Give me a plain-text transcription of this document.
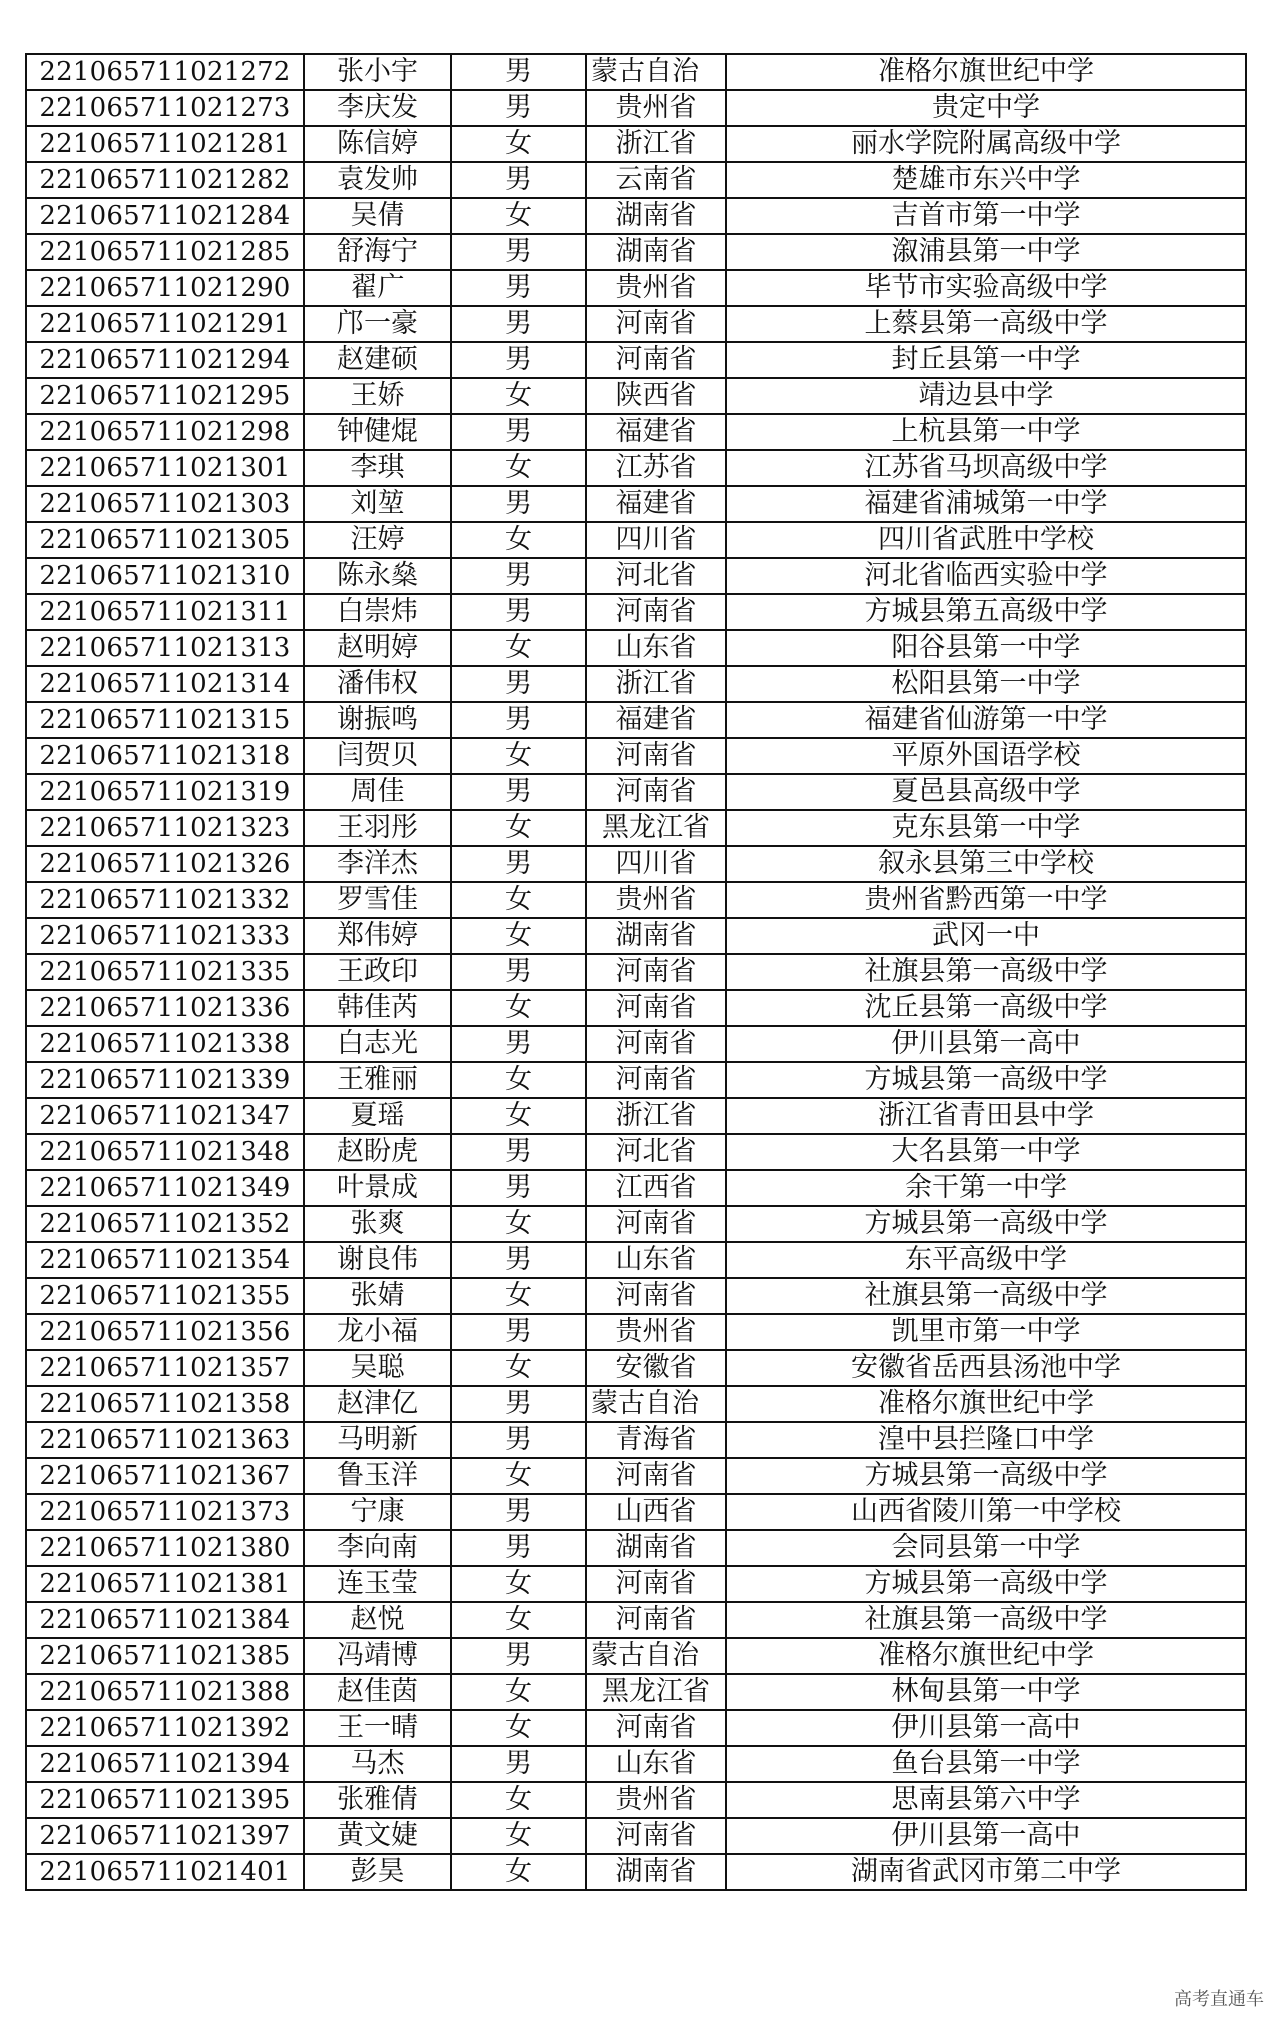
221065711021272	张小宇	男	蒙古自治	准格尔旗世纪中学
221065711021273	李庆发	男	贵州省	贵定中学
221065711021281	陈信婷	女	浙江省	丽水学院附属高级中学
221065711021282	袁发帅	男	云南省	楚雄市东兴中学
221065711021284	吴倩	女	湖南省	吉首市第一中学
221065711021285	舒海宁	男	湖南省	溆浦县第一中学
221065711021290	翟广	男	贵州省	毕节市实验高级中学
221065711021291	邝一豪	男	河南省	上蔡县第一高级中学
221065711021294	赵建硕	男	河南省	封丘县第一中学
221065711021295	王娇	女	陕西省	靖边县中学
221065711021298	钟健焜	男	福建省	上杭县第一中学
221065711021301	李琪	女	江苏省	江苏省马坝高级中学
221065711021303	刘堃	男	福建省	福建省浦城第一中学
221065711021305	汪婷	女	四川省	四川省武胜中学校
221065711021310	陈永燊	男	河北省	河北省临西实验中学
221065711021311	白崇炜	男	河南省	方城县第五高级中学
221065711021313	赵明婷	女	山东省	阳谷县第一中学
221065711021314	潘伟权	男	浙江省	松阳县第一中学
221065711021315	谢振鸣	男	福建省	福建省仙游第一中学
221065711021318	闫贺贝	女	河南省	平原外国语学校
221065711021319	周佳	男	河南省	夏邑县高级中学
221065711021323	王羽彤	女	黑龙江省	克东县第一中学
221065711021326	李洋杰	男	四川省	叙永县第三中学校
221065711021332	罗雪佳	女	贵州省	贵州省黔西第一中学
221065711021333	郑伟婷	女	湖南省	武冈一中
221065711021335	王政印	男	河南省	社旗县第一高级中学
221065711021336	韩佳芮	女	河南省	沈丘县第一高级中学
221065711021338	白志光	男	河南省	伊川县第一高中
221065711021339	王雅丽	女	河南省	方城县第一高级中学
221065711021347	夏瑶	女	浙江省	浙江省青田县中学
221065711021348	赵盼虎	男	河北省	大名县第一中学
221065711021349	叶景成	男	江西省	余干第一中学
221065711021352	张爽	女	河南省	方城县第一高级中学
221065711021354	谢良伟	男	山东省	东平高级中学
221065711021355	张婧	女	河南省	社旗县第一高级中学
221065711021356	龙小福	男	贵州省	凯里市第一中学
221065711021357	吴聪	女	安徽省	安徽省岳西县汤池中学
221065711021358	赵津亿	男	蒙古自治	准格尔旗世纪中学
221065711021363	马明新	男	青海省	湟中县拦隆口中学
221065711021367	鲁玉洋	女	河南省	方城县第一高级中学
221065711021373	宁康	男	山西省	山西省陵川第一中学校
221065711021380	李向南	男	湖南省	会同县第一中学
221065711021381	连玉莹	女	河南省	方城县第一高级中学
221065711021384	赵悦	女	河南省	社旗县第一高级中学
221065711021385	冯靖博	男	蒙古自治	准格尔旗世纪中学
221065711021388	赵佳茵	女	黑龙江省	林甸县第一中学
221065711021392	王一晴	女	河南省	伊川县第一高中
221065711021394	马杰	男	山东省	鱼台县第一中学
221065711021395	张雅倩	女	贵州省	思南县第六中学
221065711021397	黄文婕	女	河南省	伊川县第一高中
221065711021401	彭昊	女	湖南省	湖南省武冈市第二中学
高考直通车
